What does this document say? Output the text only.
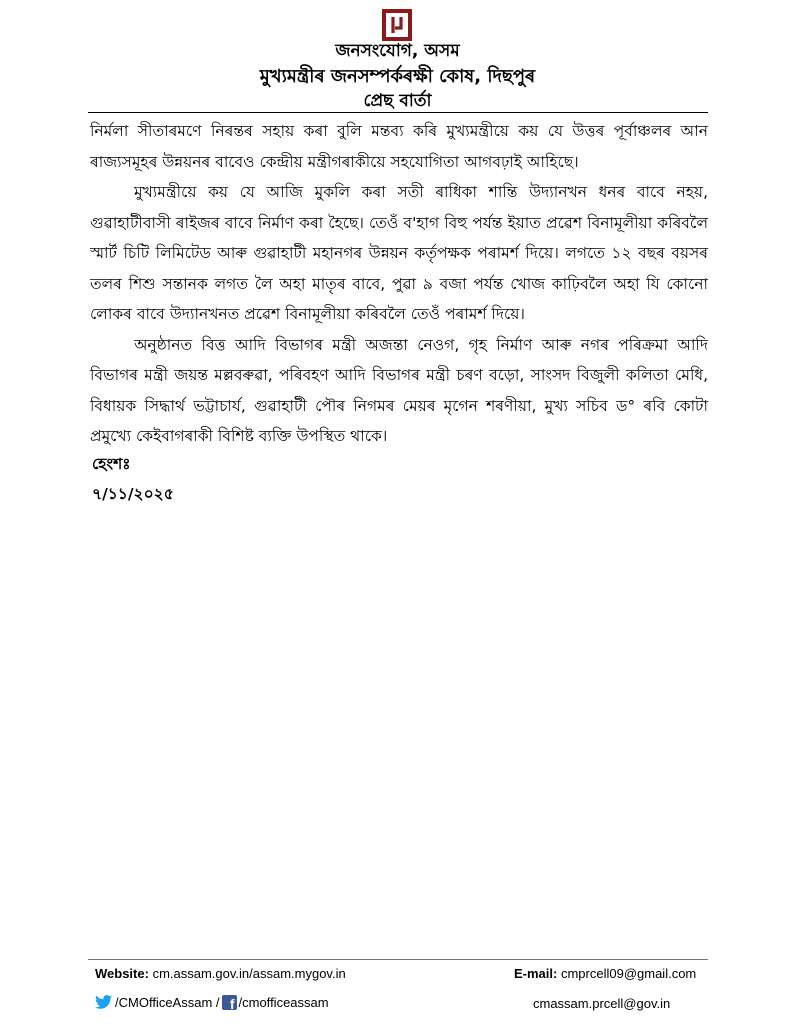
জনসংযোগ, অসম
মুখ্যমন্ত্ৰীৰ জনসম্পৰ্কৰক্ষী কোষ, দিছপুৰ
প্ৰেছ বাৰ্তা

নিৰ্মলা সীতাৰমণে নিৰন্তৰ সহায় কৰা বুলি মন্তব্য কৰি মুখ্যমন্ত্ৰীয়ে কয় যে উত্তৰ পূৰ্বাঞ্চলৰ আন ৰাজ্যসমূহৰ উন্নয়নৰ বাবেও কেন্দ্ৰীয় মন্ত্ৰীগৰাকীয়ে সহযোগিতা আগবঢ়াই আহিছে।

মুখ্যমন্ত্ৰীয়ে কয় যে আজি মুকলি কৰা সতী ৰাধিকা শান্তি উদ্যানখন ধনৰ বাবে নহয়, গুৱাহাটীবাসী ৰাইজৰ বাবে নিৰ্মাণ কৰা হৈছে। তেওঁ ব'হাগ বিহু পৰ্যন্ত ইয়াত প্ৰৱেশ বিনামূলীয়া কৰিবলৈ স্মাৰ্ট চিটি লিমিটেড আৰু গুৱাহাটী মহানগৰ উন্নয়ন কৰ্তৃপক্ষক পৰামৰ্শ দিয়ে। লগতে ১২ বছৰ বয়সৰ তলৰ শিশু সন্তানক লগত লৈ অহা মাতৃৰ বাবে, পুৱা ৯ বজা পৰ্যন্ত খোজ কাঢ়িবলৈ অহা যি কোনো লোকৰ বাবে উদ্যানখনত প্ৰৱেশ বিনামূলীয়া কৰিবলৈ তেওঁ পৰামৰ্শ দিয়ে।

অনুষ্ঠানত বিত্ত আদি বিভাগৰ মন্ত্ৰী অজন্তা নেওগ, গৃহ নিৰ্মাণ আৰু নগৰ পৰিক্ৰমা আদি বিভাগৰ মন্ত্ৰী জয়ন্ত মল্লবৰুৱা, পৰিবহণ আদি বিভাগৰ মন্ত্ৰী চৰণ বড়ো, সাংসদ বিজুলী কলিতা মেধি, বিধায়ক সিদ্ধাৰ্থ ভট্টাচাৰ্য, গুৱাহাটী পৌৰ নিগমৰ মেয়ৰ মৃগেন শৰণীয়া, মুখ্য সচিব ড° ৰবি কোটা প্ৰমুখ্যে কেইবাগৰাকী বিশিষ্ট ব্যক্তি উপস্থিত থাকে।

হেংশঃ
৭/১১/২০২৫
Website: cm.assam.gov.in/assam.mygov.in	E-mail: cmprcell09@gmail.com
/CMOfficeAssam / f /cmofficeassam	cmassam.prcell@gov.in
